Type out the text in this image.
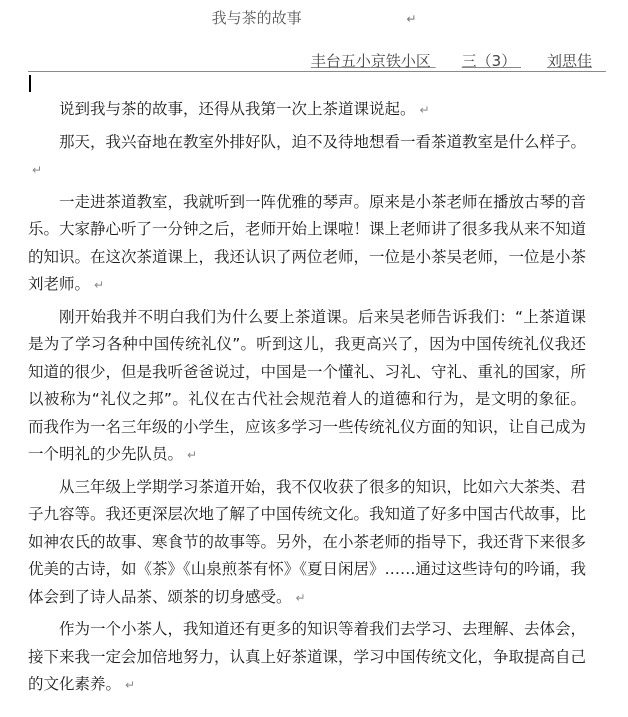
我与茶的故事	↵
丰台五小京铁小区 三（3） 刘思佳

说到我与茶的故事，还得从我第一次上茶道课说起。 ↵

那天，我兴奋地在教室外排好队，迫不及待地想看一看茶道教室是什么样子。↵

一走进茶道教室，我就听到一阵优雅的琴声。原来是小茶老师在播放古琴的音乐。大家静心听了一分钟之后，老师开始上课啦！课上老师讲了很多我从来不知道的知识。在这次茶道课上，我还认识了两位老师，一位是小茶吴老师，一位是小茶刘老师。 ↵

刚开始我并不明白我们为什么要上茶道课。后来吴老师告诉我们：“上茶道课是为了学习各种中国传统礼仪”。听到这儿，我更高兴了，因为中国传统礼仪我还知道的很少，但是我听爸爸说过，中国是一个懂礼、习礼、守礼、重礼的国家，所以被称为“礼仪之邦”。礼仪在古代社会规范着人的道德和行为，是文明的象征。而我作为一名三年级的小学生，应该多学习一些传统礼仪方面的知识，让自己成为一个明礼的少先队员。 ↵

从三年级上学期学习茶道开始，我不仅收获了很多的知识，比如六大茶类、君子九容等。我还更深层次地了解了中国传统文化。我知道了好多中国古代故事，比如神农氏的故事、寒食节的故事等。另外，在小茶老师的指导下，我还背下来很多优美的古诗，如《茶》《山泉煎茶有怀》《夏日闲居》……通过这些诗句的吟诵，我体会到了诗人品茶、颂茶的切身感受。 ↵

作为一个小茶人，我知道还有更多的知识等着我们去学习、去理解、去体会，接下来我一定会加倍地努力，认真上好茶道课，学习中国传统文化，争取提高自己的文化素养。 ↵
